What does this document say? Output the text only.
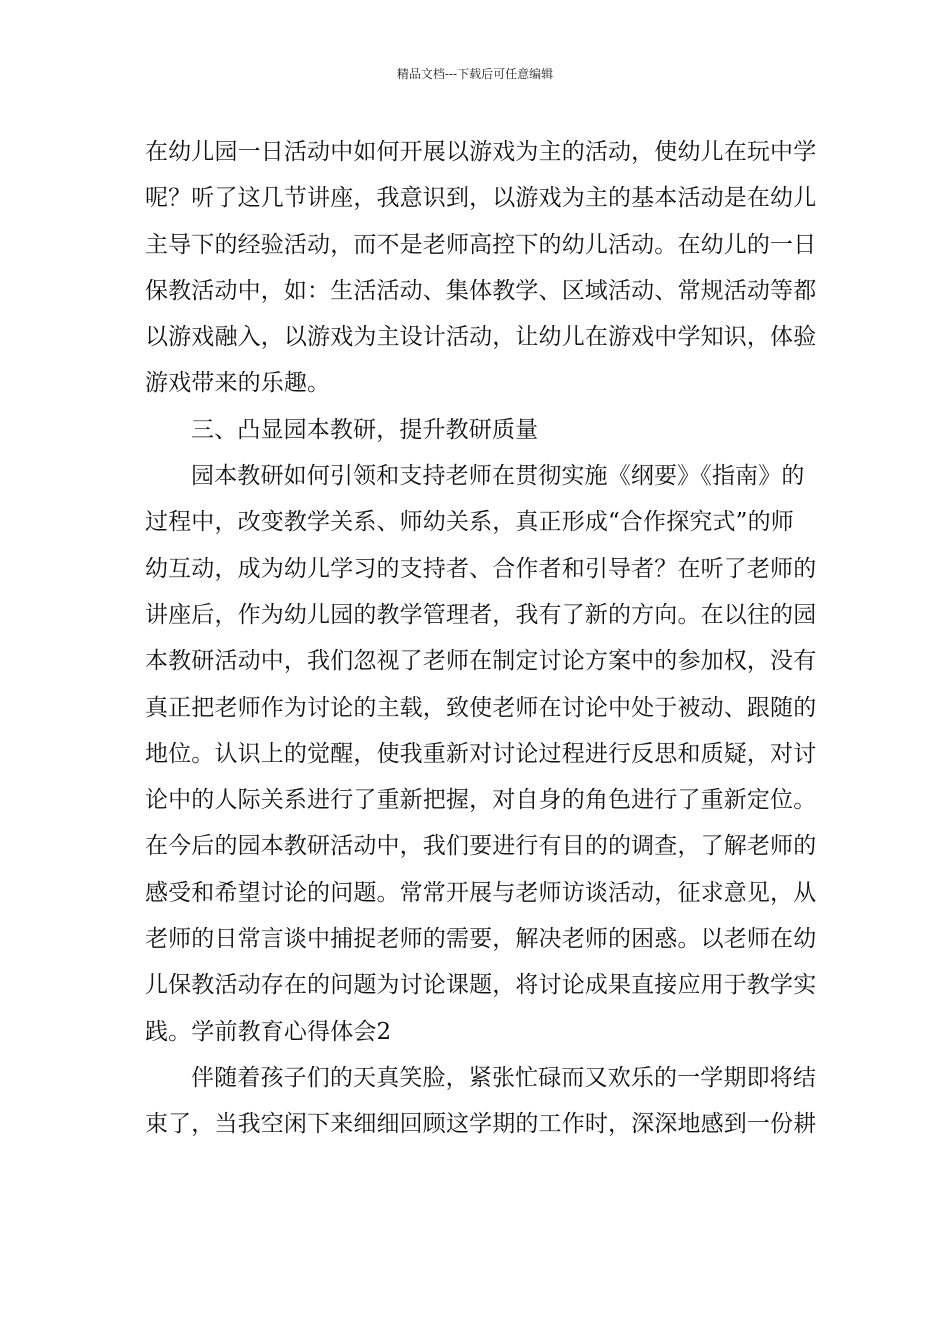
精品文档---下载后可任意编辑
在幼儿园一日活动中如何开展以游戏为主的活动，使幼儿在玩中学
呢？听了这几节讲座，我意识到，以游戏为主的基本活动是在幼儿
主导下的经验活动，而不是老师高控下的幼儿活动。在幼儿的一日
保教活动中，如：生活活动、集体教学、区域活动、常规活动等都
以游戏融入，以游戏为主设计活动，让幼儿在游戏中学知识，体验
游戏带来的乐趣。
三、凸显园本教研，提升教研质量
园本教研如何引领和支持老师在贯彻实施《纲要》《指南》的
过程中，改变教学关系、师幼关系，真正形成“合作探究式”的师
幼互动，成为幼儿学习的支持者、合作者和引导者？在听了老师的
讲座后，作为幼儿园的教学管理者，我有了新的方向。在以往的园
本教研活动中，我们忽视了老师在制定讨论方案中的参加权，没有
真正把老师作为讨论的主载，致使老师在讨论中处于被动、跟随的
地位。认识上的觉醒，使我重新对讨论过程进行反思和质疑，对讨
论中的人际关系进行了重新把握，对自身的角色进行了重新定位。
在今后的园本教研活动中，我们要进行有目的的调查，了解老师的
感受和希望讨论的问题。常常开展与老师访谈活动，征求意见，从
老师的日常言谈中捕捉老师的需要，解决老师的困惑。以老师在幼
儿保教活动存在的问题为讨论课题，将讨论成果直接应用于教学实
践。学前教育心得体会2
伴随着孩子们的天真笑脸，紧张忙碌而又欢乐的一学期即将结
束了，当我空闲下来细细回顾这学期的工作时，深深地感到一份耕
